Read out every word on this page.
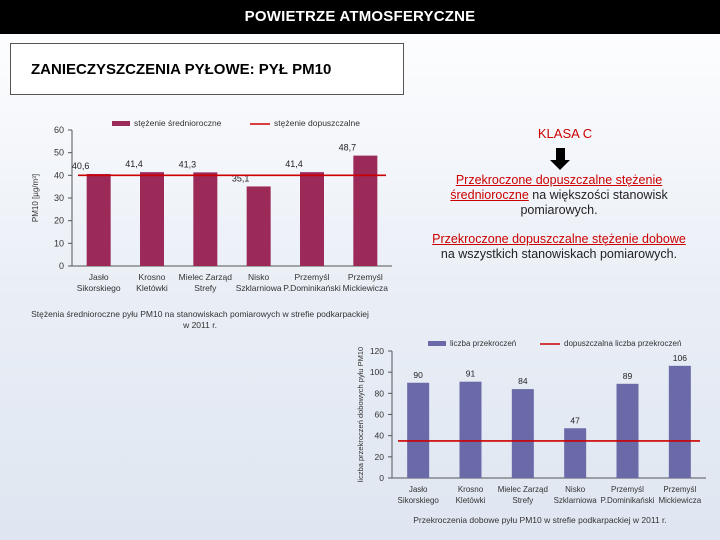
POWIETRZE ATMOSFERYCZNE
ZANIECZYSZCZENIA PYŁOWE: PYŁ PM10
0
10
20
30
40
50
60
PM10 [µg/m³]
40,6
Jasło
Sikorskiego
41,4
Krosno
Kletówki
41,3
Mielec Zarząd
Strefy
35,1
Nisko
Szklarniowa
41,4
Przemyśl
P.Dominikański
48,7
Przemyśl
Mickiewicza
stężenie średnioroczne	stężenie dopuszczalne
0
20
40
60
80
100
120
liczba przekroczeń dobowych pyłu PM10	90
Jasło
Sikorskiego
91
Krosno
Kletówki
84
Mielec Zarząd
Strefy
47
Nisko
Szklarniowa
89
Przemyśl
P.Dominikański
106
Przemyśl
Mickiewicza
liczba przekroczeń	dopuszczalna liczba przekroczeń
KLASA C
Przekroczone dopuszczalne stężenie średnioroczne na większości stanowisk pomiarowych.
Przekroczone dopuszczalne stężenie dobowe na wszystkich stanowiskach pomiarowych.
Stężenia średnioroczne pyłu PM10 na stanowiskach pomiarowych w strefie podkarpackiej w 2011 r.
Przekroczenia dobowe pyłu PM10 w strefie podkarpackiej w 2011 r.
